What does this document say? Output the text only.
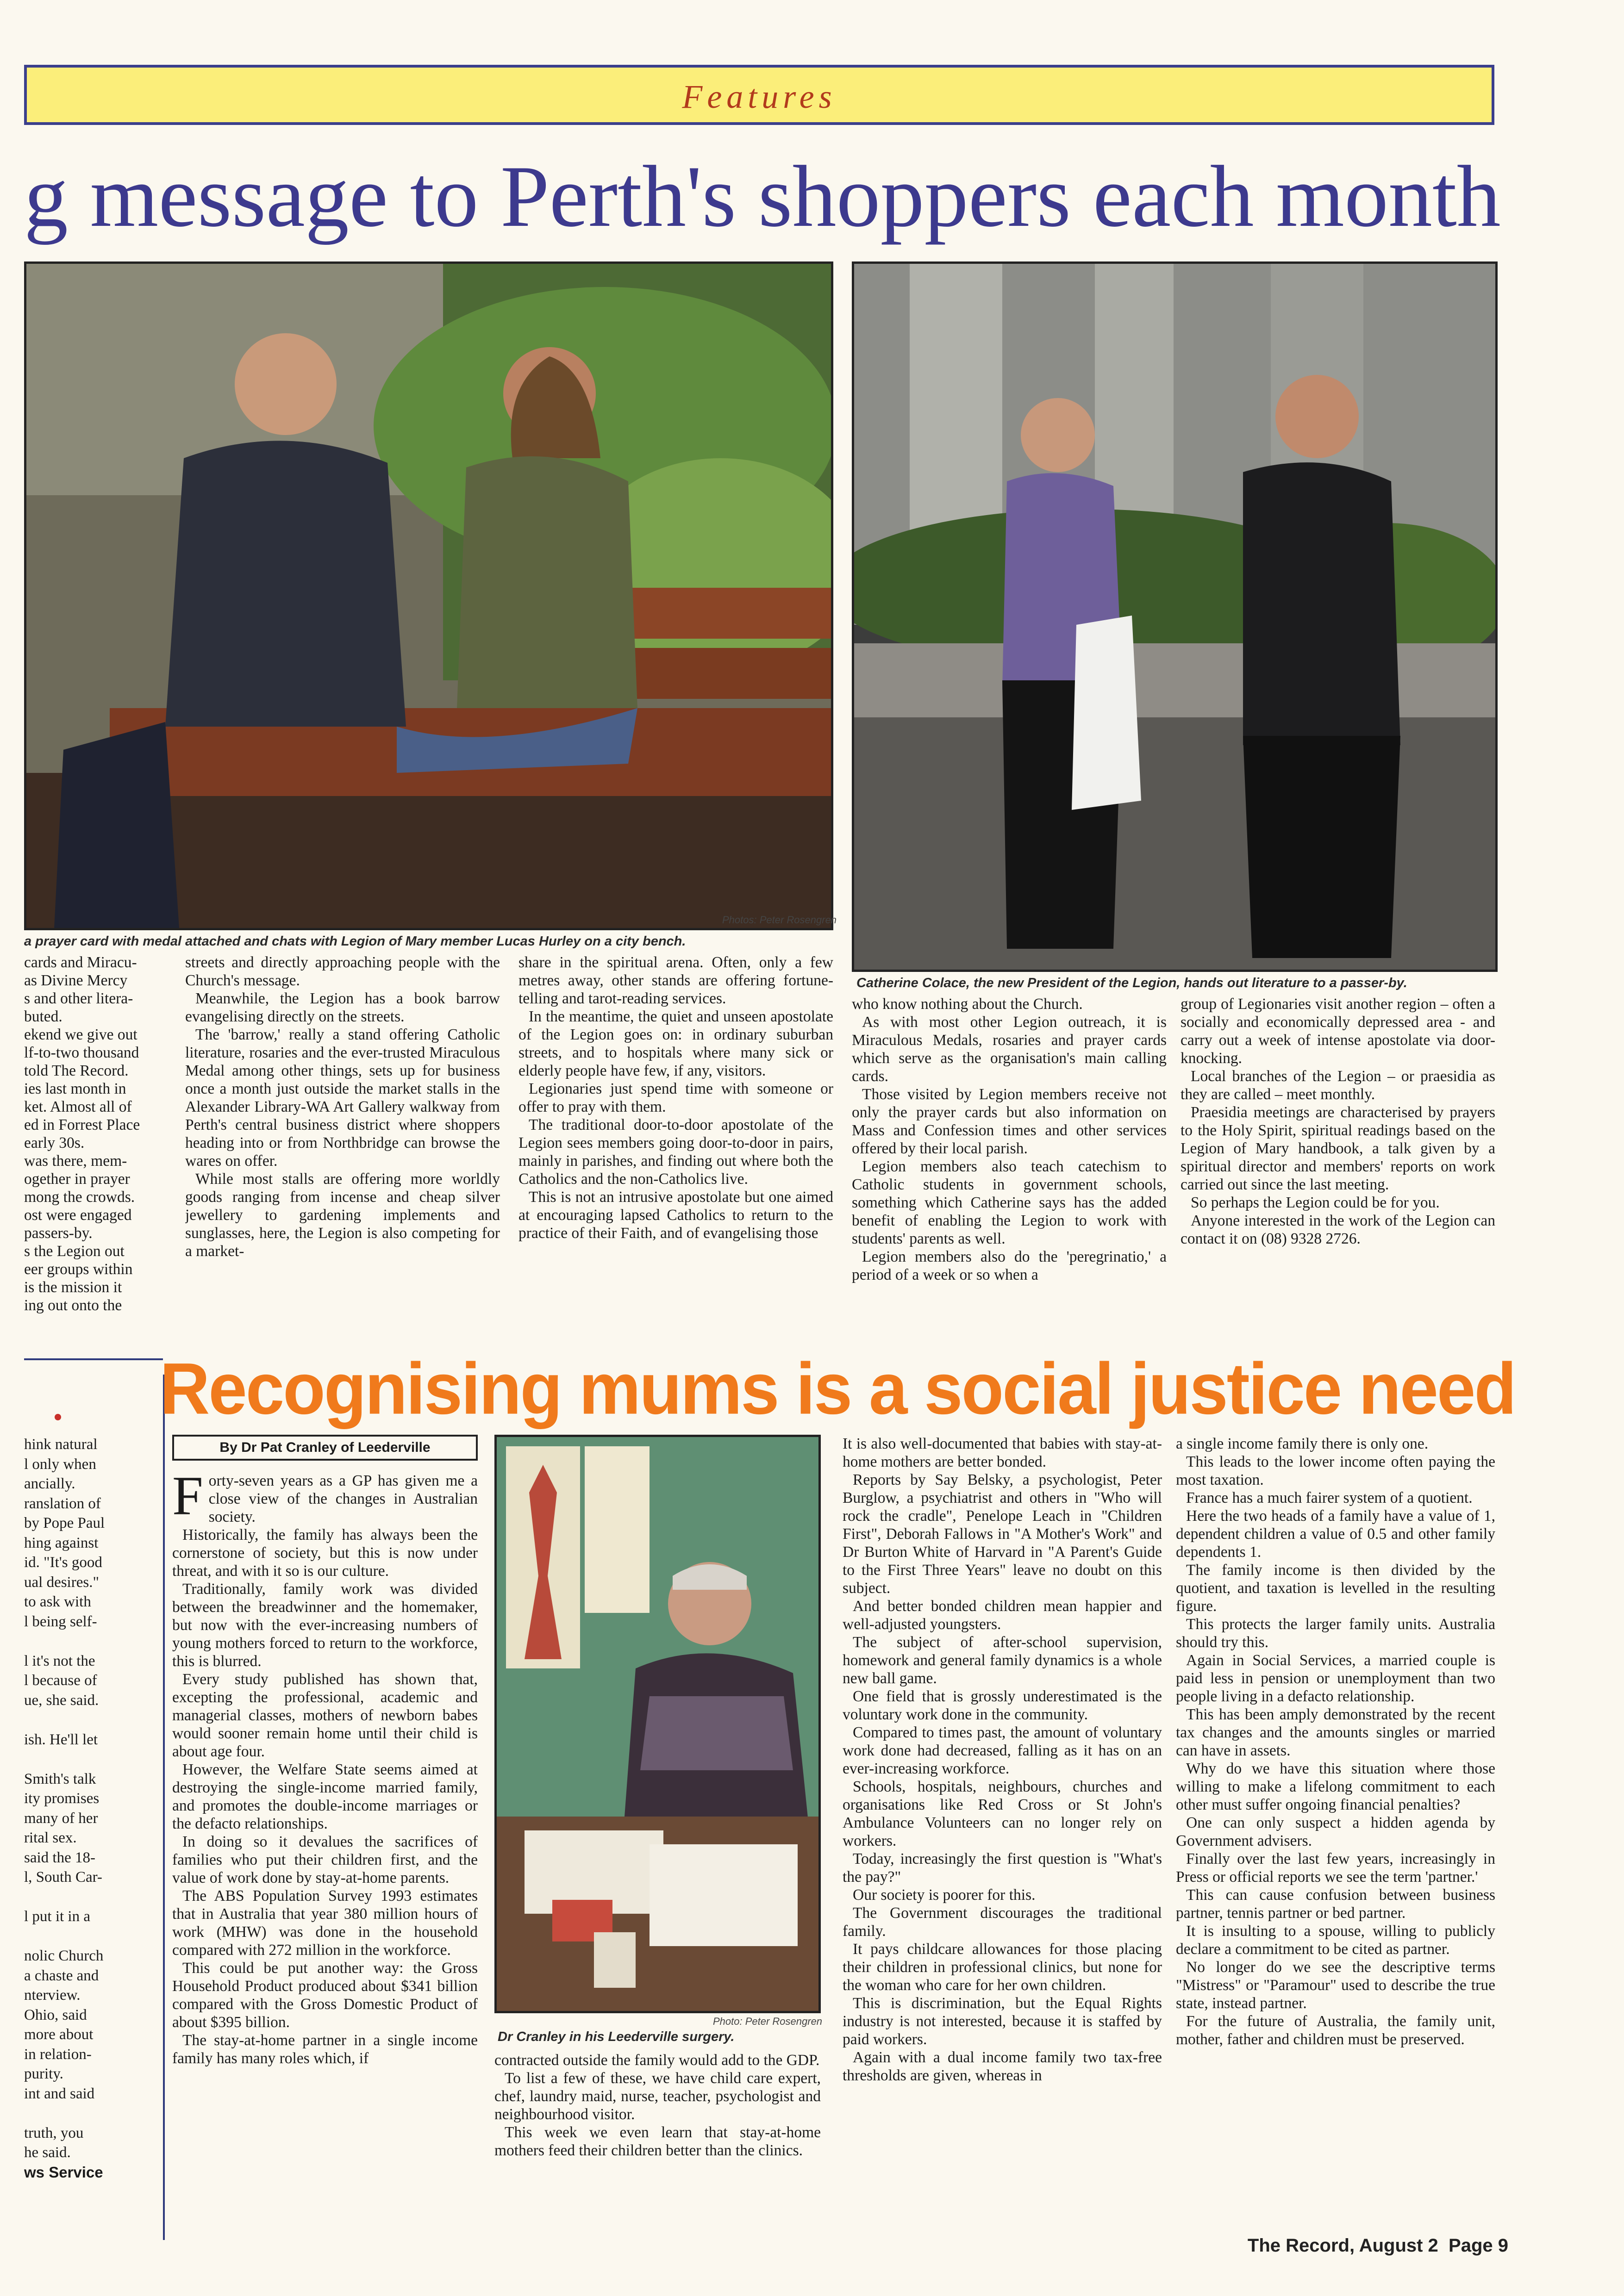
Features
g message to Perth's shoppers each month
Photos: Peter Rosengren
a prayer card with medal attached and chats with Legion of Mary member Lucas Hurley on a city bench.
Catherine Colace, the new President of the Legion, hands out literature to a passer-by.
cards and Miracu-
as Divine Mercy
s and other litera-
buted.
ekend we give out
lf-to-two thousand
told The Record.
ies last month in
ket. Almost all of
ed in Forrest Place
early 30s.
was there, mem-
ogether in prayer
mong the crowds.
ost were engaged
passers-by.
s the Legion out
eer groups within
is the mission it
ing out onto the

streets and directly approaching people with the Church's message.

Meanwhile, the Legion has a book barrow evangelising directly on the streets.

The 'barrow,' really a stand offering Catholic literature, rosaries and the ever-trusted Miraculous Medal among other things, sets up for business once a month just outside the market stalls in the Alexander Library-WA Art Gallery walkway from Perth's central business district where shoppers heading into or from Northbridge can browse the wares on offer.

While most stalls are offering more worldly goods ranging from incense and cheap silver jewellery to gardening implements and sunglasses, here, the Legion is also competing for a market-

share in the spiritual arena. Often, only a few metres away, other stands are offering fortune-telling and tarot-reading services.

In the meantime, the quiet and unseen apostolate of the Legion goes on: in ordinary suburban streets, and to hospitals where many sick or elderly people have few, if any, visitors.

Legionaries just spend time with someone or offer to pray with them.

The traditional door-to-door apostolate of the Legion sees members going door-to-door in pairs, mainly in parishes, and finding out where both the Catholics and the non-Catholics live.

This is not an intrusive apostolate but one aimed at encouraging lapsed Catholics to return to the practice of their Faith, and of evangelising those

who know nothing about the Church.

As with most other Legion outreach, it is Miraculous Medals, rosaries and prayer cards which serve as the organisation's main calling cards.

Those visited by Legion members receive not only the prayer cards but also information on Mass and Confession times and other services offered by their local parish.

Legion members also teach catechism to Catholic students in government schools, something which Catherine says has the added benefit of enabling the Legion to work with students' parents as well.

Legion members also do the 'peregrinatio,' a period of a week or so when a

group of Legionaries visit another region – often a socially and economically depressed area - and carry out a week of intense apostolate via door-knocking.

Local branches of the Legion – or praesidia as they are called – meet monthly.

Praesidia meetings are characterised by prayers to the Holy Spirit, spiritual readings based on the Legion of Mary handbook, a talk given by a spiritual director and members' reports on work carried out since the last meeting.

So perhaps the Legion could be for you.

Anyone interested in the work of the Legion can contact it on (08) 9328 2726.

hink natural
l only when
ancially.
ranslation of
by Pope Paul
hing against
id. "It's good
ual desires."
to ask with
l being self-

l it's not the
l because of
ue, she said.

ish. He'll let

Smith's talk
ity promises
many of her
rital sex.
said the 18-
l, South Car-

l put it in a

nolic Church
a chaste and
nterview.
Ohio, said
more about
in relation-
purity.
int and said

truth, you
he said.
ws Service
Recognising mums is a social justice need
By Dr Pat Cranley of Leederville
F orty-seven years as a GP has given me a close view of the changes in Australian society.

Historically, the family has always been the cornerstone of society, but this is now under threat, and with it so is our culture.

Traditionally, family work was divided between the breadwinner and the homemaker, but now with the ever-increasing numbers of young mothers forced to return to the workforce, this is blurred.

Every study published has shown that, excepting the professional, academic and managerial classes, mothers of newborn babes would sooner remain home until their child is about age four.

However, the Welfare State seems aimed at destroying the single-income married family, and promotes the double-income marriages or the defacto relationships.

In doing so it devalues the sacrifices of families who put their children first, and the value of work done by stay-at-home parents.

The ABS Population Survey 1993 estimates that in Australia that year 380 million hours of work (MHW) was done in the household compared with 272 million in the workforce.

This could be put another way: the Gross Household Product produced about $341 billion compared with the Gross Domestic Product of about $395 billion.

The stay-at-home partner in a single income family has many roles which, if

Photo: Peter Rosengren
Dr Cranley in his Leederville surgery.

contracted outside the family would add to the GDP.

To list a few of these, we have child care expert, chef, laundry maid, nurse, teacher, psychologist and neighbourhood visitor.

This week we even learn that stay-at-home mothers feed their children better than the clinics.

It is also well-documented that babies with stay-at-home mothers are better bonded.

Reports by Say Belsky, a psychologist, Peter Burglow, a psychiatrist and others in "Who will rock the cradle", Penelope Leach in "Children First", Deborah Fallows in "A Mother's Work" and Dr Burton White of Harvard in "A Parent's Guide to the First Three Years" leave no doubt on this subject.

And better bonded children mean happier and well-adjusted youngsters.

The subject of after-school supervision, homework and general family dynamics is a whole new ball game.

One field that is grossly underestimated is the voluntary work done in the community.

Compared to times past, the amount of voluntary work done had decreased, falling as it has on an ever-increasing workforce.

Schools, hospitals, neighbours, churches and organisations like Red Cross or St John's Ambulance Volunteers can no longer rely on workers.

Today, increasingly the first question is "What's the pay?"

Our society is poorer for this.

The Government discourages the traditional family.

It pays childcare allowances for those placing their children in professional clinics, but none for the woman who care for her own children.

This is discrimination, but the Equal Rights industry is not interested, because it is staffed by paid workers.

Again with a dual income family two tax-free thresholds are given, whereas in

a single income family there is only one.

This leads to the lower income often paying the most taxation.

France has a much fairer system of a quotient.

Here the two heads of a family have a value of 1, dependent children a value of 0.5 and other family dependents 1.

The family income is then divided by the quotient, and taxation is levelled in the resulting figure.

This protects the larger family units. Australia should try this.

Again in Social Services, a married couple is paid less in pension or unemployment than two people living in a defacto relationship.

This has been amply demonstrated by the recent tax changes and the amounts singles or married can have in assets.

Why do we have this situation where those willing to make a lifelong commitment to each other must suffer ongoing financial penalties?

One can only suspect a hidden agenda by Government advisers.

Finally over the last few years, increasingly in Press or official reports we see the term 'partner.'

This can cause confusion between business partner, tennis partner or bed partner.

It is insulting to a spouse, willing to publicly declare a commitment to be cited as partner.

No longer do we see the descriptive terms "Mistress" or "Paramour" used to describe the true state, instead partner.

For the future of Australia, the family unit, mother, father and children must be preserved.

The Record, August 2  Page 9
